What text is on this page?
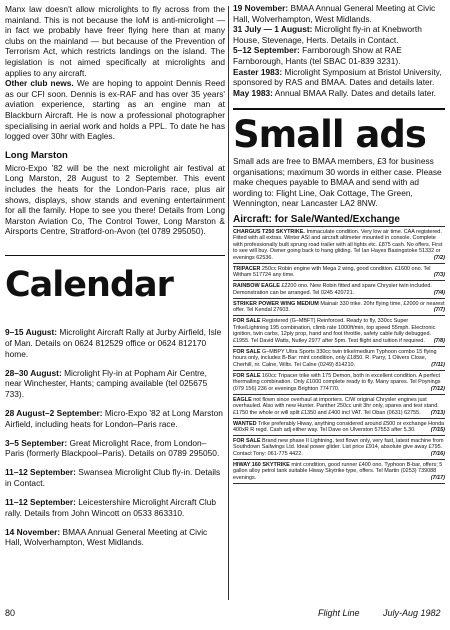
Manx law doesn't allow microlights to fly across from the mainland. This is not because the IoM is anti-microlight — in fact we probably have freer flying here than at many clubs on the mainland — but because of the Prevention of Terrorism Act, which restricts landings on the island. The legislation is not aimed specifically at microlights and applies to any aircraft.

Other club news. We are hoping to appoint Dennis Reed as our CFI soon. Dennis is ex-RAF and has over 35 years' aviation experience, starting as an engine man at Blackburn Aircraft. He is now a professional photographer specialising in aerial work and holds a PPL. To date he has logged over 30hr with Eagles.

Long Marston

Micro-Expo '82 will be the next microlight air festival at Long Marston, 28 August to 2 September. This event includes the heats for the London-Paris race, plus air shows, displays, show stands and evening entertainment for all the family. Hope to see you there! Details from Long Marston Aviation Co, The Control Tower, Long Marston & Airsports Centre, Stratford-on-Avon (tel 0789 295050).

Calendar

9–15 August: Microlight Aircraft Rally at Jurby Airfield, Isle of Man. Details on 0624 812529 office or 0624 812170 home.

28–30 August: Microlight Fly-in at Popham Air Centre, near Winchester, Hants; camping available (tel 025675 733).

28 August–2 September: Micro-Expo '82 at Long Marston Airfield, including heats for London–Paris race.

3–5 September: Great Microlight Race, from London–Paris (formerly Blackpool–Paris). Details on 0789 295050.

11–12 September: Swansea Microlight Club fly-in. Details in Contact.

11–12 September: Leicestershire Microlight Aircraft Club rally. Details from John Wincott on 0533 863310.

14 November: BMAA Annual General Meeting at Civic Hall, Wolverhampton, West Midlands.

19 November: BMAA Annual General Meeting at Civic Hall, Wolverhampton, West Midlands.

31 July — 1 August: Microlight fly-in at Knebworth House, Stevenage, Herts. Details in Contact.

5–12 September: Farnborough Show at RAE Farnborough, Hants (tel SBAC 01-839 3231).

Easter 1983: Microlight Symposium at Bristol University, sponsored by RAS and BMAA. Dates and details later.

May 1983: Annual BMAA Rally. Dates and details later.

Small ads

Small ads are free to BMAA members, £3 for business organisations; maximum 30 words in either case. Please make cheques payable to BMAA and send with ad wording to: Flight Line, Oak Cottage, The Green, Wennington, near Lancaster LA2 8NW.

Aircraft: for Sale/Wanted/Exchange

CHARGUS T250 SKYTRIKE. Immaculate condition. Very low air time. CAA registered. Fitted with all extras. Winter ASI and aircraft altimeter mounted in console. Complete with professionally built sprung road trailer with all lights etc. £875 cash. No offers. First to see will buy. Owner going back to hang gliding. Tel Ian Hayes Basingstoke 51332 or evenings 62536.	(7/2)

TRIPACER 250cc Robin engine with Mega 2 wing, good condition. £1600 ono. Tel Witham 517724 any time.	(7/3)

RAINBOW EAGLE £2200 ono. New Robin fitted and spare Chrysler twin included. Demonstration can be arranged. Tel 0245 420721.	(7/4)

STRIKER POWER WING MEDIUM Mainair 330 trike. 20hr flying time, £2000 or nearest offer. Tel Kendal 27603.	(7/7)

FOR SALE Registered (G–MBFT) Reinforced. Ready to fly, 330cc Super Trike/Lightning 195 combination, climb rate 1000ft/min, top speed 55mph. Electronic ignition, twin carbs, 12ply prop, hand and foot throttle, safety cable fully debugged. £1955. Tel David Watts, Nutley 2977 after 5pm. Test flight and tuition if required. (7/8)

FOR SALE G–MBPY Ultra Sports 330cc twin trike/medium Typhoon combo 15 flying hours only, includes B-Bar: mint condition, only £1850. R. Parry, 1 Olivers Close, Cherhill, nr. Calne, Wilts. Tel Calne (0249) 814210.	(7/11)

FOR SALE 160cc Tripacer trike with 175 Demon, both in excellent condition. A perfect thermalling combination. Only £1000 complete ready to fly. Many spares. Tel Poynings (079 156) 236 or evenings Brighton 774770.	(7/12)

EAGLE not flown since overhaul at importers. C/W original Chrysler engines just overhauled. Also with new Hunter. Panther 250cc unit 3hr only, spares and test stand. £1750 the whole or will split £1350 and £400 incl VAT. Tel Oban (0631) 62755. (7/13)

WANTED Trike preferably Hiway, anything considered around £500 or exchange Honda 400xR R regd. Cash adj either way. Tel Dave on Ulverston 57553 after 5.30.	(7/15)

FOR SALE Brand new phase II Lightning, test flown only, very fast, latest machine from Southdown Sailwings Ltd. Ideal power glider. List price £914, absolute give away £795. Contact Tony: 061-775 4422.	(7/16)

HIWAY 160 SKYTRIKE mint condition, good runner £400 ono. Typhoon B-bar, offers; 5 gallon alloy petrol tank suitable Hiway Skytrike type, offers. Tel Martin (0253) 739088 evenings.	(7/17)

80	Flight Line	July-Aug 1982
